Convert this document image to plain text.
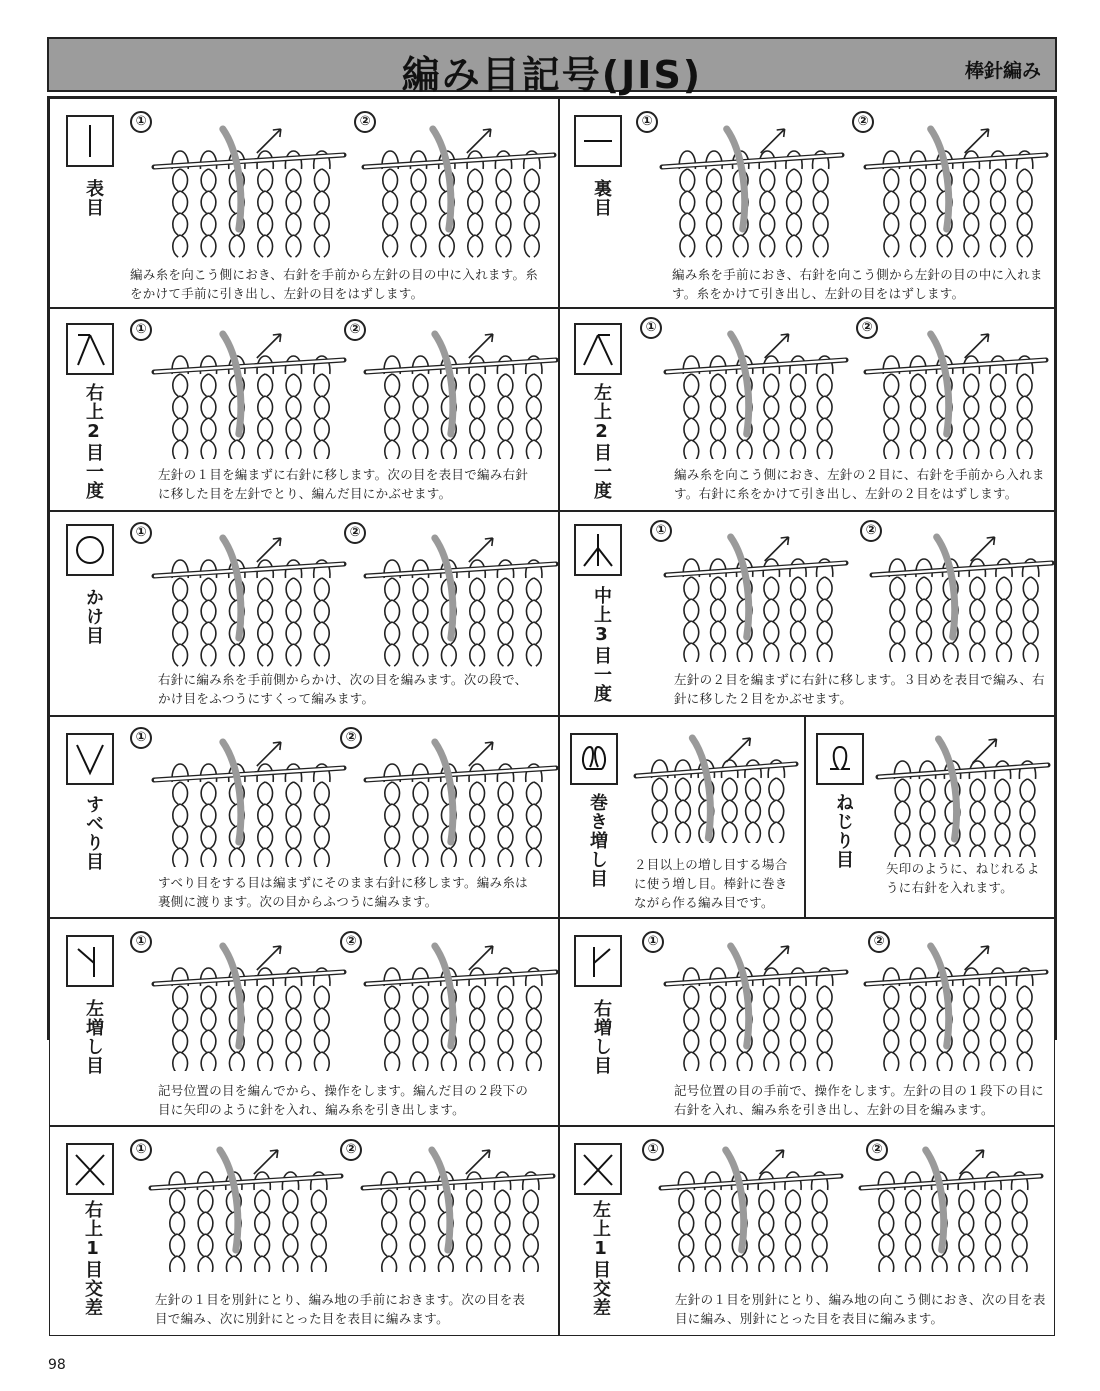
編み目記号(JIS)	棒針編み
表目
①	②
編み糸を向こう側におき、右針を手前から左針の目の中に入れます。糸をかけて手前に引き出し、左針の目をはずします。
裏目
①	②
編み糸を手前におき、右針を向こう側から左針の目の中に入れます。糸をかけて引き出し、左針の目をはずします。
右上2目一度
①	②
左針の１目を編まずに右針に移します。次の目を表目で編み右針に移した目を左針でとり、編んだ目にかぶせます。	左上2目一度
①	②
編み糸を向こう側におき、左針の２目に、右針を手前から入れます。右針に糸をかけて引き出し、左針の２目をはずします。
かけ目
①	②
右針に編み糸を手前側からかけ、次の目を編みます。次の段で、かけ目をふつうにすくって編みます。	中上3目一度
①	②
左針の２目を編まずに右針に移します。３目めを表目で編み、右針に移した２目をかぶせます。
すべり目
①	②
すべり目をする目は編まずにそのまま右針に移します。編み糸は裏側に渡ります。次の目からふつうに編みます。
巻き増し目 ２目以上の増し目する場合に使う増し目。棒針に巻きながら作る編み目です。
ねじり目	矢印のように、ねじれるように右針を入れます。
左増し目
①	②
記号位置の目を編んでから、操作をします。編んだ目の２段下の目に矢印のように針を入れ、編み糸を引き出します。
右増し目
①	②
記号位置の目の手前で、操作をします。左針の目の１段下の目に右針を入れ、編み糸を引き出し、左針の目を編みます。
①	②	①	②
右上1目交差	左針の１目を別針にとり、編み地の手前におきます。次の目を表目で編み、次に別針にとった目を表目に編みます。
左上1目交差	左針の１目を別針にとり、編み地の向こう側におき、次の目を表目に編み、別針にとった目を表目に編みます。
98
